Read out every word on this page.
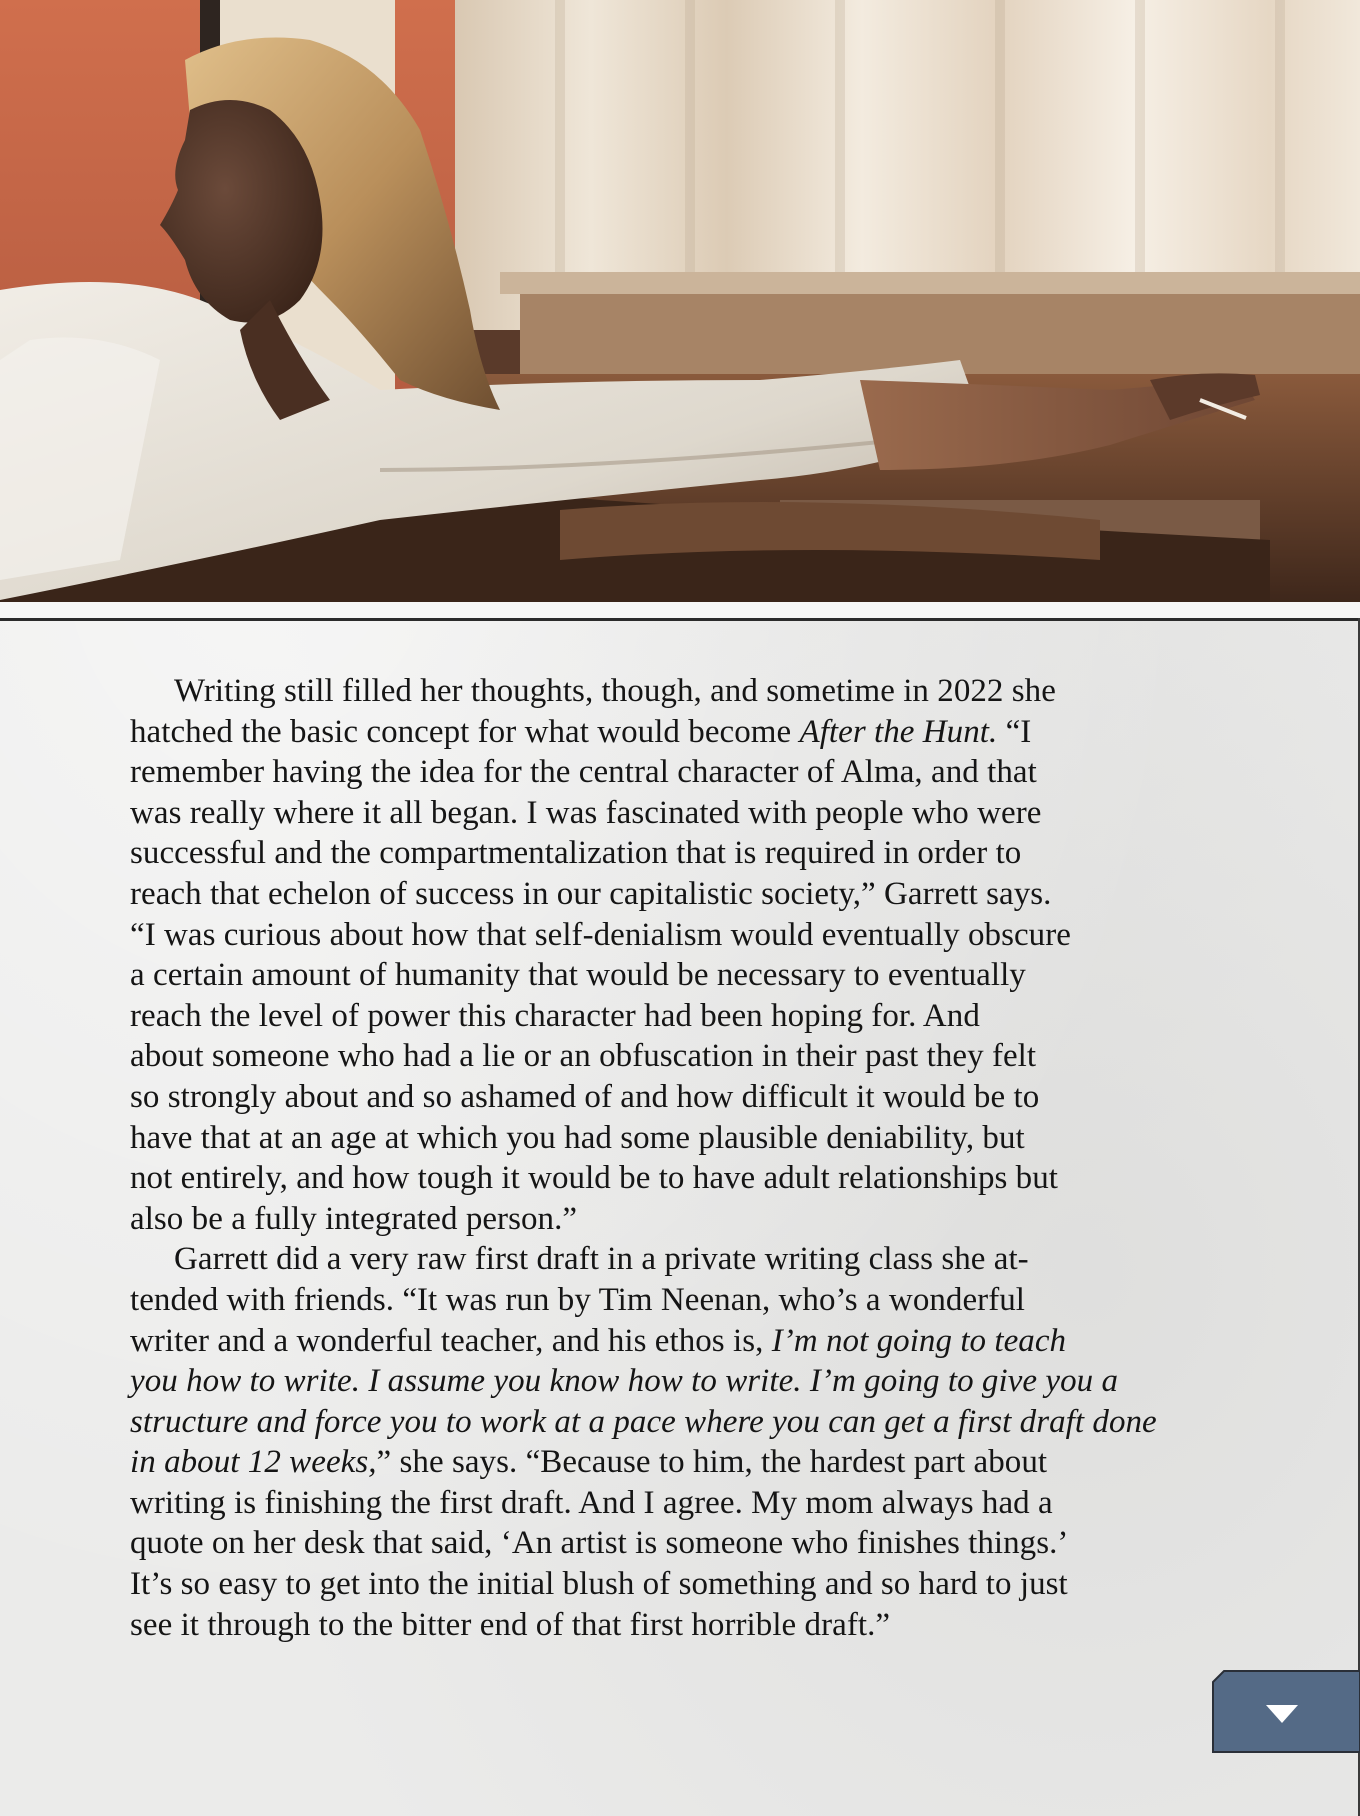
Writing still filled her thoughts, though, and sometime in 2022 she
hatched the basic concept for what would become After the Hunt. “I
remember having the idea for the central character of Alma, and that
was really where it all began. I was fascinated with people who were
successful and the compartmentalization that is required in order to
reach that echelon of success in our capitalistic society,” Garrett says.
“I was curious about how that self-denialism would eventually obscure
a certain amount of humanity that would be necessary to eventually
reach the level of power this character had been hoping for. And
about someone who had a lie or an obfuscation in their past they felt
so strongly about and so ashamed of and how difficult it would be to
have that at an age at which you had some plausible deniability, but
not entirely, and how tough it would be to have adult relationships but
also be a fully integrated person.”
Garrett did a very raw first draft in a private writing class she at-
tended with friends. “It was run by Tim Neenan, who’s a wonderful
writer and a wonderful teacher, and his ethos is, I’m not going to teach
you how to write. I assume you know how to write. I’m going to give you a
structure and force you to work at a pace where you can get a first draft done
in about 12 weeks,” she says. “Because to him, the hardest part about
writing is finishing the first draft. And I agree. My mom always had a
quote on her desk that said, ‘An artist is someone who finishes things.’
It’s so easy to get into the initial blush of something and so hard to just
see it through to the bitter end of that first horrible draft.”
